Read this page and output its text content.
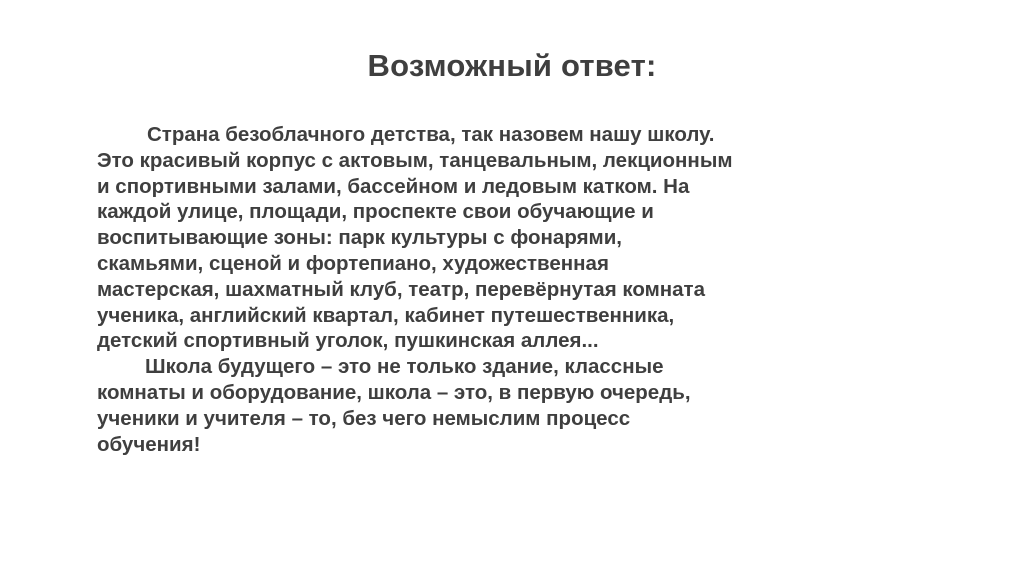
Возможный ответ:
Страна безоблачного детства, так назовем нашу школу.
Это красивый корпус с актовым, танцевальным, лекционным
и спортивными залами, бассейном и ледовым катком. На
каждой улице, площади, проспекте свои обучающие и
воспитывающие зоны: парк культуры с фонарями,
скамьями, сценой и фортепиано, художественная
мастерская, шахматный клуб, театр, перевёрнутая комната
ученика, английский квартал, кабинет путешественника,
детский спортивный уголок, пушкинская аллея...
Школа будущего – это не только здание, классные
комнаты и оборудование, школа – это, в первую очередь,
ученики и учителя – то, без чего немыслим процесс
обучения!
